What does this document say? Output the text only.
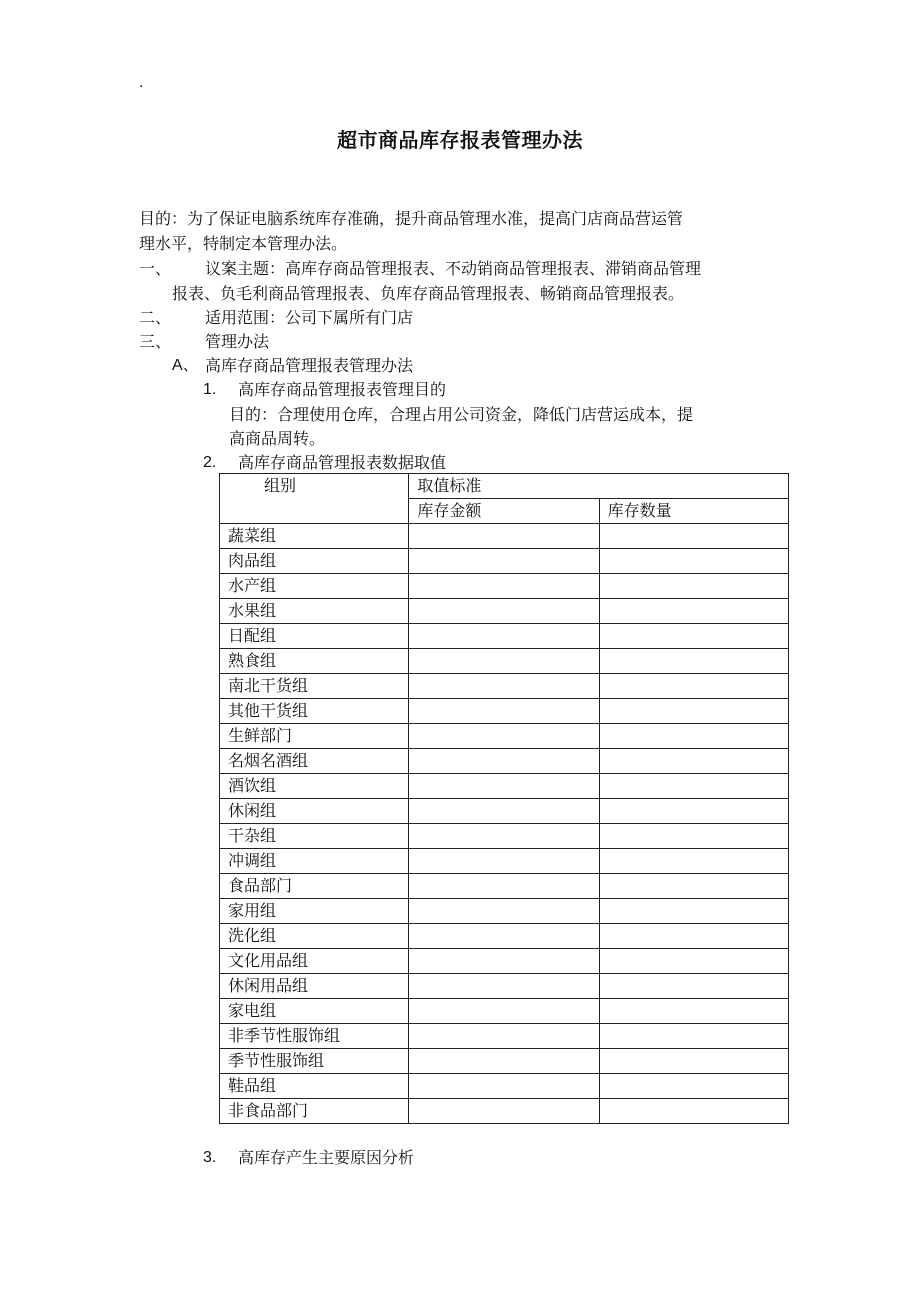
.
超市商品库存报表管理办法
目的：为了保证电脑系统库存准确，提升商品管理水准，提高门店商品营运管
理水平，特制定本管理办法。
一、 议案主题：高库存商品管理报表、不动销商品管理报表、滞销商品管理
报表、负毛利商品管理报表、负库存商品管理报表、畅销商品管理报表。
二、 适用范围：公司下属所有门店
三、 管理办法
A、 高库存商品管理报表管理办法
1. 高库存商品管理报表管理目的
目的：合理使用仓库，合理占用公司资金，降低门店营运成本，提
高商品周转。
2. 高库存商品管理报表数据取值
组别	取值标准	
	库存金额	库存数量
蔬菜组		
肉品组		
水产组		
水果组		
日配组		
熟食组		
南北干货组		
其他干货组		
生鲜部门		
名烟名酒组		
酒饮组		
休闲组		
干杂组		
冲调组		
食品部门		
家用组		
洗化组		
文化用品组		
休闲用品组		
家电组		
非季节性服饰组		
季节性服饰组		
鞋品组		
非食品部门		
3. 高库存产生主要原因分析
